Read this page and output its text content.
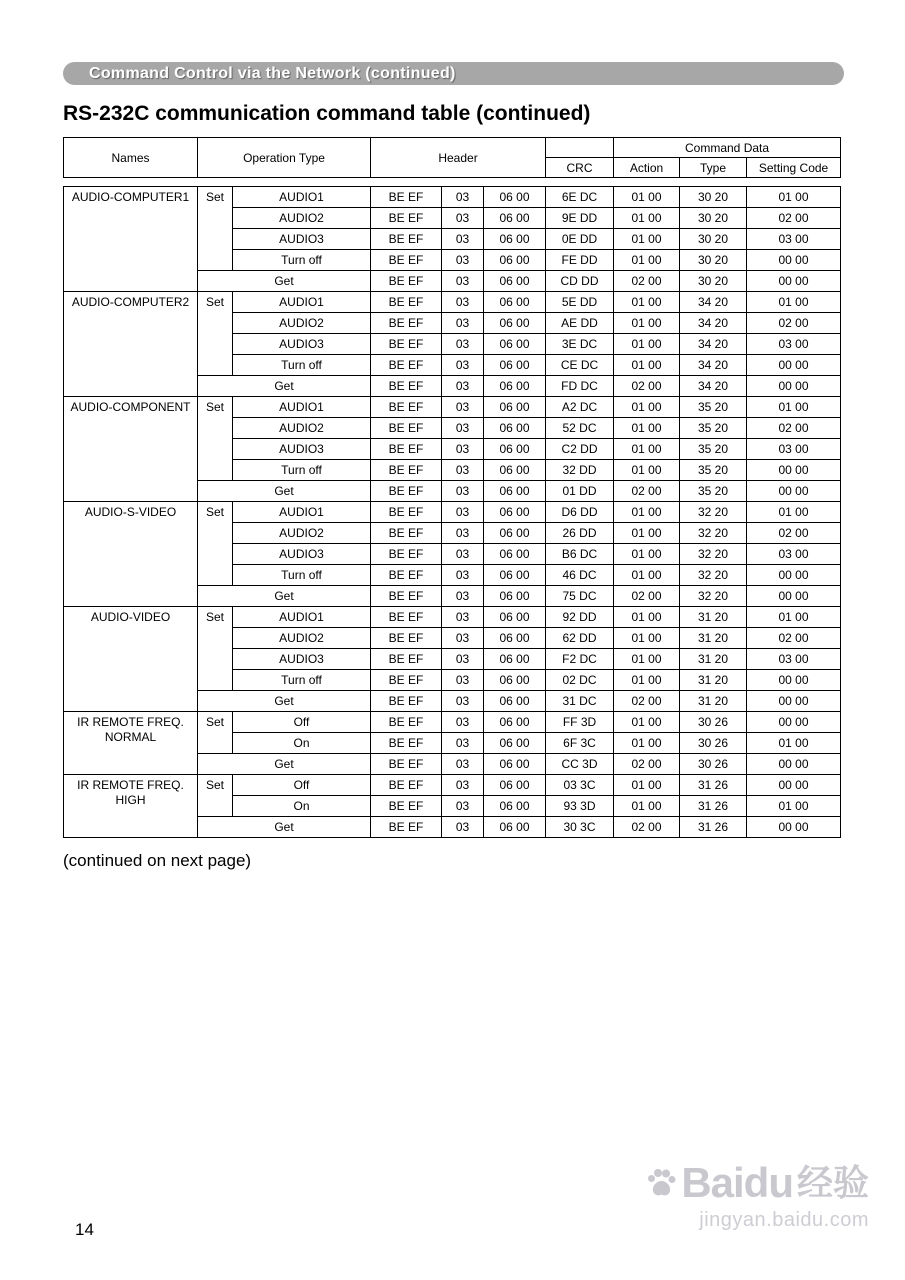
Command Control via the Network (continued)
RS-232C communication command table (continued)
Names	Operation Type	Header		Command Data		
			CRC	Action	Type	Setting Code
AUDIO-COMPUTER1	Set	AUDIO1	BE EF	03	06 00	6E DC	01 00	30 20	01 00
		AUDIO2	BE EF	03	06 00	9E DD	01 00	30 20	02 00
		AUDIO3	BE EF	03	06 00	0E DD	01 00	30 20	03 00
		Turn off	BE EF	03	06 00	FE DD	01 00	30 20	00 00
	Get		BE EF	03	06 00	CD DD	02 00	30 20	00 00
AUDIO-COMPUTER2	Set	AUDIO1	BE EF	03	06 00	5E DD	01 00	34 20	01 00
		AUDIO2	BE EF	03	06 00	AE DD	01 00	34 20	02 00
		AUDIO3	BE EF	03	06 00	3E DC	01 00	34 20	03 00
		Turn off	BE EF	03	06 00	CE DC	01 00	34 20	00 00
	Get		BE EF	03	06 00	FD DC	02 00	34 20	00 00
AUDIO-COMPONENT	Set	AUDIO1	BE EF	03	06 00	A2 DC	01 00	35 20	01 00
		AUDIO2	BE EF	03	06 00	52 DC	01 00	35 20	02 00
		AUDIO3	BE EF	03	06 00	C2 DD	01 00	35 20	03 00
		Turn off	BE EF	03	06 00	32 DD	01 00	35 20	00 00
	Get		BE EF	03	06 00	01 DD	02 00	35 20	00 00
AUDIO-S-VIDEO	Set	AUDIO1	BE EF	03	06 00	D6 DD	01 00	32 20	01 00
		AUDIO2	BE EF	03	06 00	26 DD	01 00	32 20	02 00
		AUDIO3	BE EF	03	06 00	B6 DC	01 00	32 20	03 00
		Turn off	BE EF	03	06 00	46 DC	01 00	32 20	00 00
	Get		BE EF	03	06 00	75 DC	02 00	32 20	00 00
AUDIO-VIDEO	Set	AUDIO1	BE EF	03	06 00	92 DD	01 00	31 20	01 00
		AUDIO2	BE EF	03	06 00	62 DD	01 00	31 20	02 00
		AUDIO3	BE EF	03	06 00	F2 DC	01 00	31 20	03 00
		Turn off	BE EF	03	06 00	02 DC	01 00	31 20	00 00
	Get		BE EF	03	06 00	31 DC	02 00	31 20	00 00
IR REMOTE FREQ. NORMAL	Set	Off	BE EF	03	06 00	FF 3D	01 00	30 26	00 00
		On	BE EF	03	06 00	6F 3C	01 00	30 26	01 00
	Get		BE EF	03	06 00	CC 3D	02 00	30 26	00 00
IR REMOTE FREQ. HIGH	Set	Off	BE EF	03	06 00	03 3C	01 00	31 26	00 00
		On	BE EF	03	06 00	93 3D	01 00	31 26	01 00
	Get		BE EF	03	06 00	30 3C	02 00	31 26	00 00
(continued on next page)
14
Baidu 经验
jingyan.baidu.com
